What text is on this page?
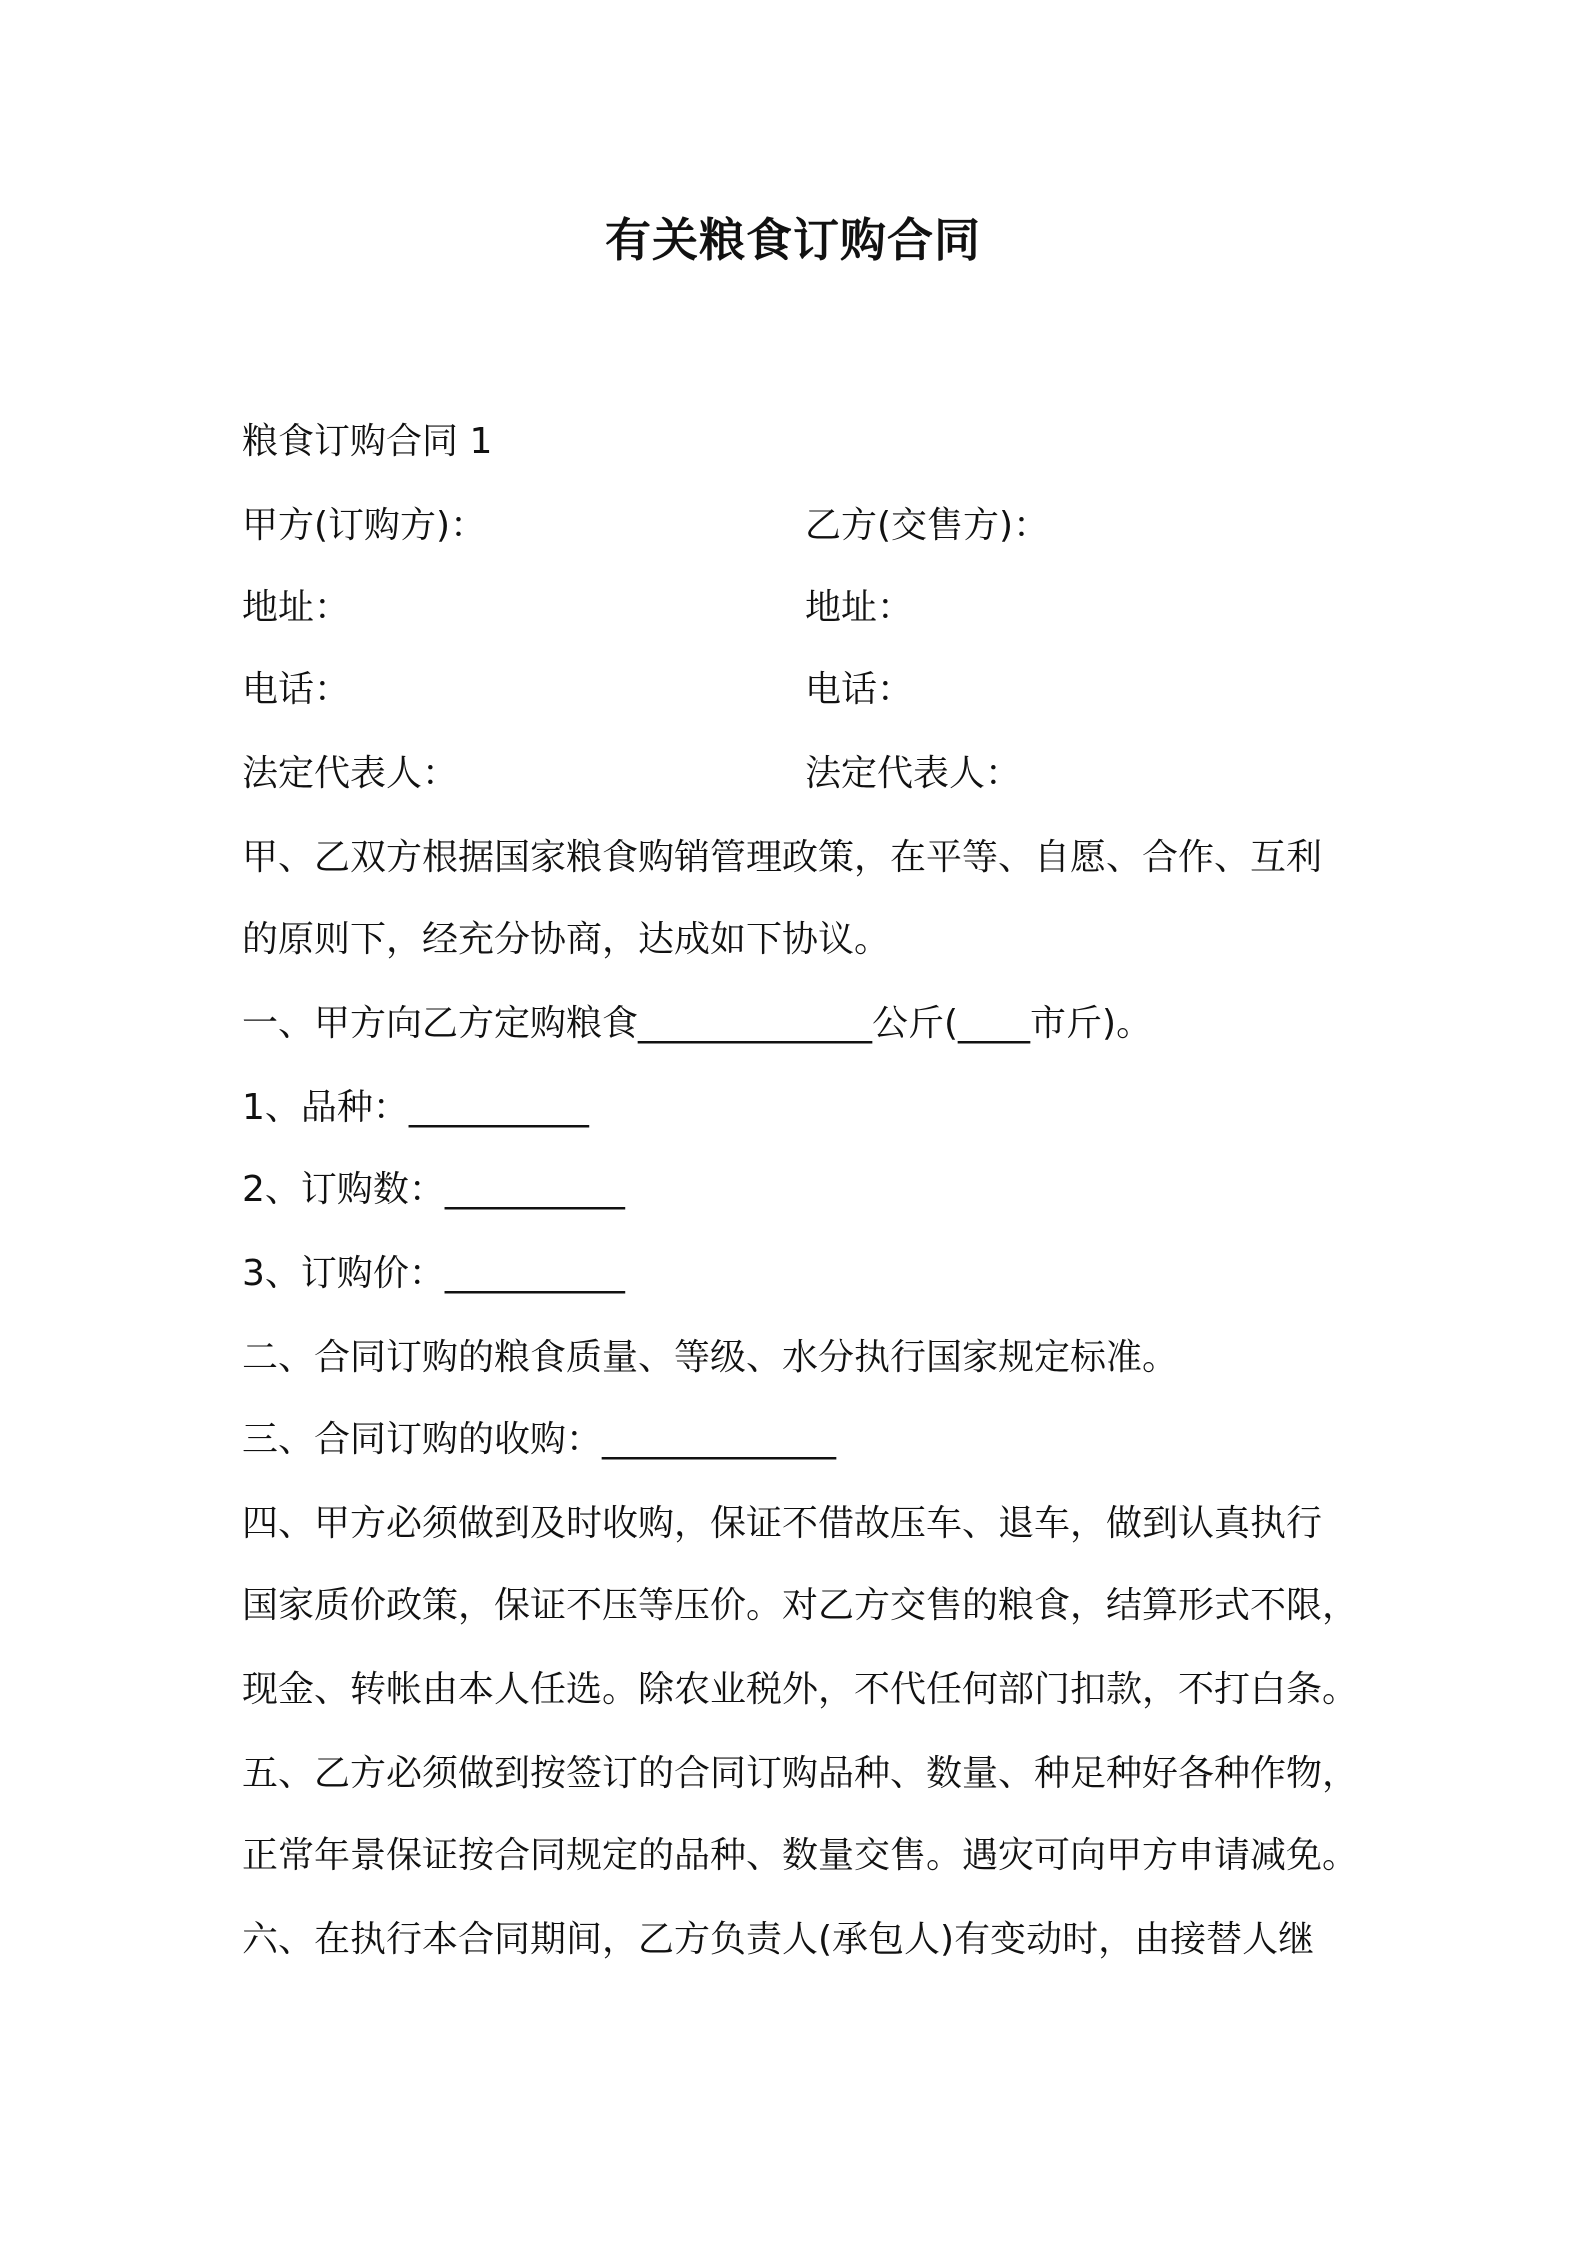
有关粮食订购合同
粮食订购合同 1
甲方(订购方)：	乙方(交售方)：
地址：	地址：
电话：	电话：
法定代表人：	法定代表人：
甲、乙双方根据国家粮食购销管理政策，在平等、自愿、合作、互利
的原则下，经充分协商，达成如下协议。
一、甲方向乙方定购粮食_____________公斤(____市斤)。
1、品种：__________
2、订购数：__________
3、订购价：__________
二、合同订购的粮食质量、等级、水分执行国家规定标准。
三、合同订购的收购：_____________
四、甲方必须做到及时收购，保证不借故压车、退车，做到认真执行
国家质价政策，保证不压等压价。对乙方交售的粮食，结算形式不限，
现金、转帐由本人任选。除农业税外，不代任何部门扣款，不打白条。
五、乙方必须做到按签订的合同订购品种、数量、种足种好各种作物，
正常年景保证按合同规定的品种、数量交售。遇灾可向甲方申请减免。
六、在执行本合同期间，乙方负责人(承包人)有变动时，由接替人继
